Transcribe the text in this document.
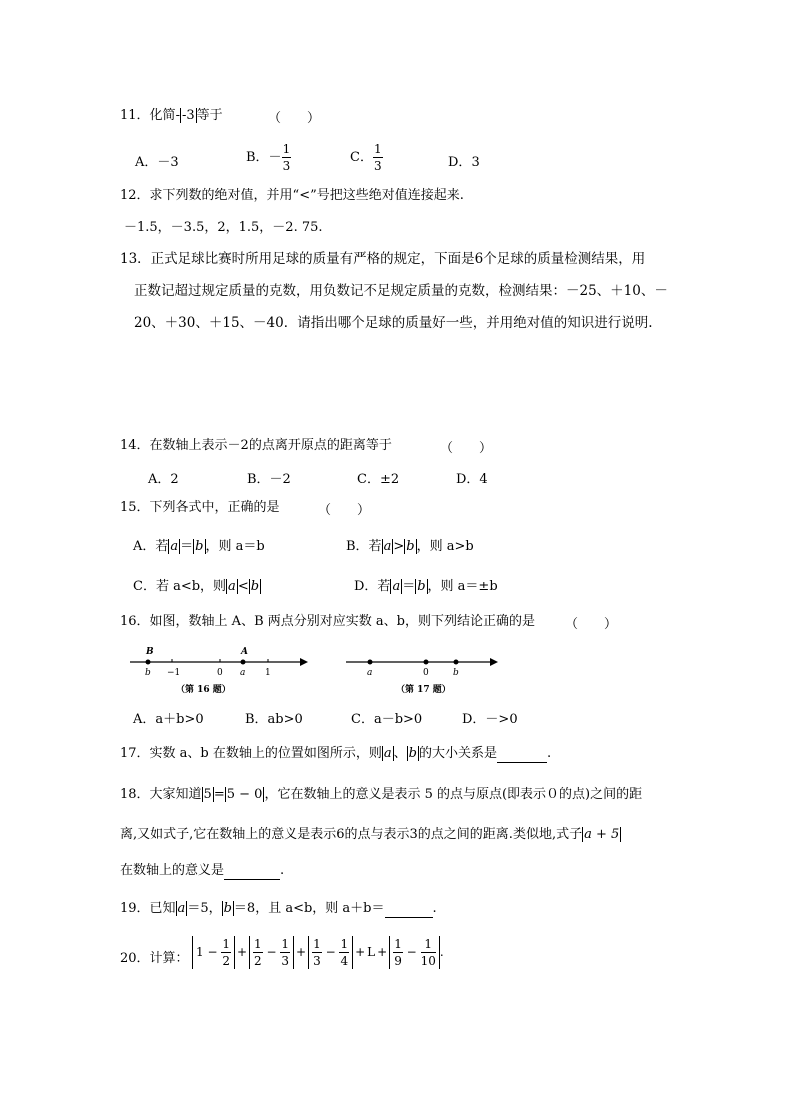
11．化简- -3 等于	（　　）
A．－3	B．－ $\frac{1}{3}$	C． $\frac{1}{3}$	D．3
12．求下列数的绝对值，并用“<”号把这些绝对值连接起来.
－1.5，－3.5，2，1.5，－2. 75.
13．正式足球比赛时所用足球的质量有严格的规定，下面是6个足球的质量检测结果，用
正数记超过规定质量的克数，用负数记不足规定质量的克数，检测结果：－25、＋10、－
20、＋30、＋15、－40．请指出哪个足球的质量好一些，并用绝对值的知识进行说明.
14．在数轴上表示－2的点离开原点的距离等于	（　　）
A．2	B．－2	C．±2	D．4
15．下列各式中，正确的是	（　　）
A．若 a ＝ b ，则 a＝b	B．若 a > b ，则 a>b
C．若 a<b，则 a < b	D．若 a ＝ b ，则 a＝±b
16．如图，数轴上 A、B 两点分别对应实数 a、b，则下列结论正确的是 （　　）
B	A
b −1	0 a 1
（第 16 题）
a	0	b
（第 17 题）
A．a＋b>0	B．ab>0	C．a－b>0	D．－>0
17．实数 a、b 在数轴上的位置如图所示，则 a 、 b 的大小关系是	.
18．大家知道 5 = 5 − 0 ，它在数轴上的意义是表示 5 的点与原点(即表示０的点)之间的距
离,又如式子,它在数轴上的意义是表示6的点与表示3的点之间的距离.类似地,式子 a + 5
在数轴上的意义是	.
19．已知 a ＝5， b ＝8，且 a<b，则 a＋b＝	.
20．计算： $1 - \frac{1}{2} + \frac{1}{2} - \frac{1}{3} + \frac{1}{3} - \frac{1}{4} + L + \frac{1}{9} - \frac{1}{10}$ .
